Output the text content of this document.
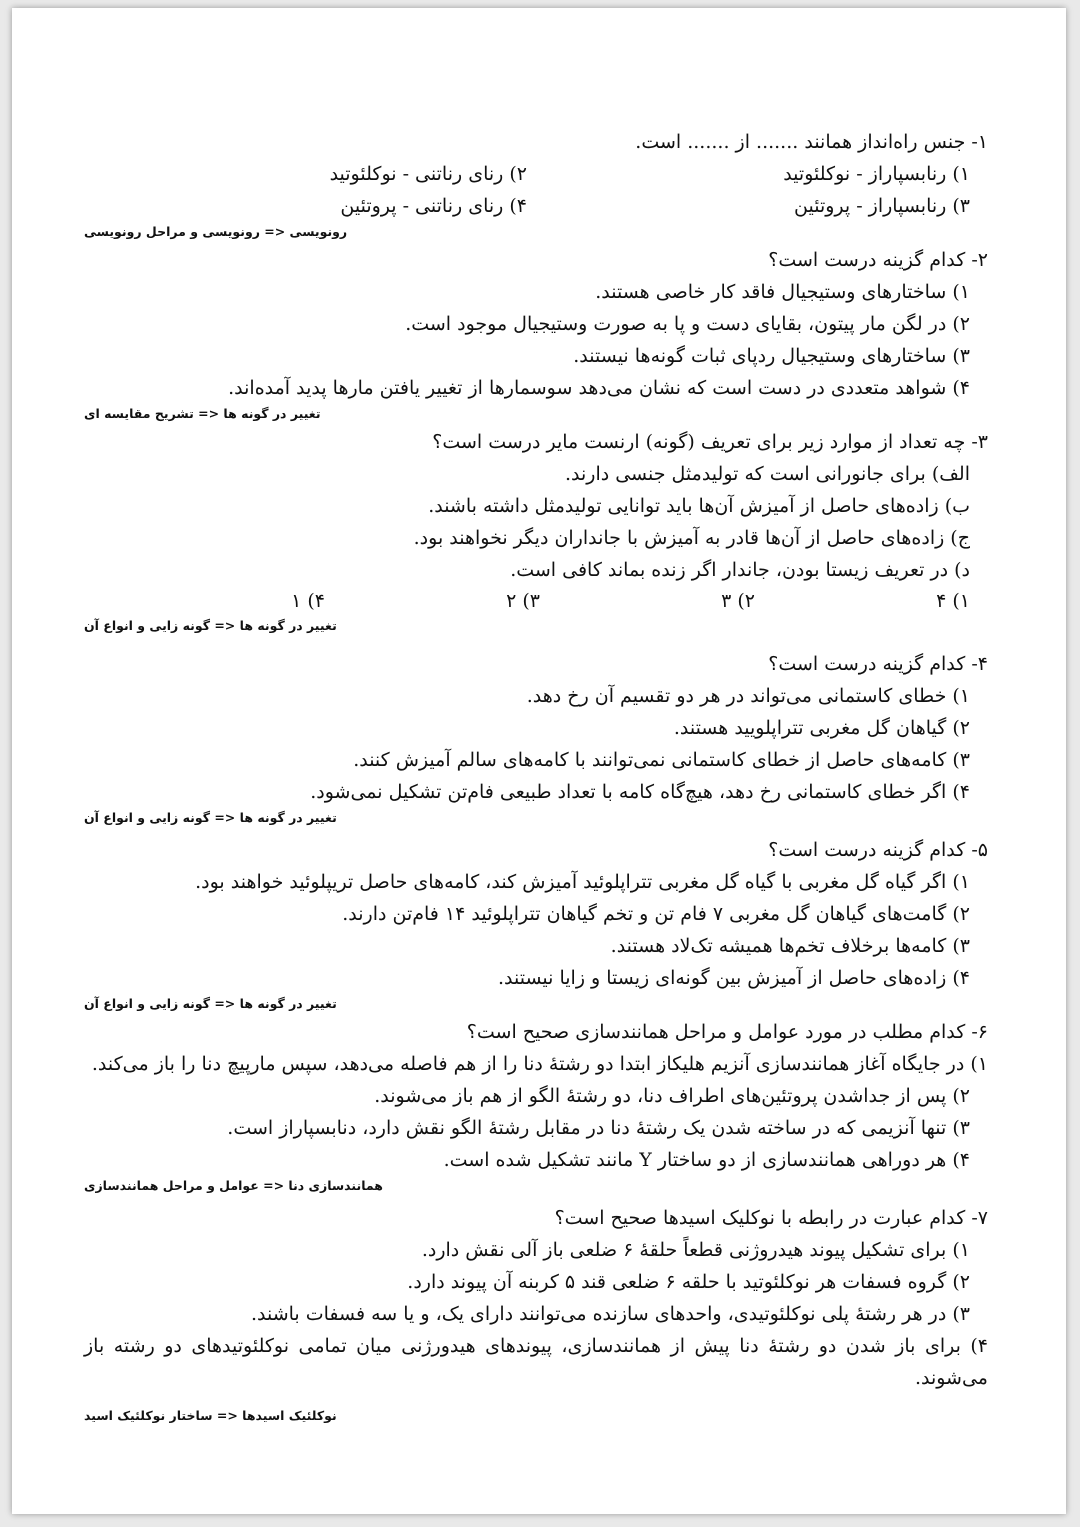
۱- جنس راه‌انداز همانند ....... از ....... است.

۱) رنابسپاراز - نوکلئوتید
۲) رنای رناتنی - نوکلئوتید
۳) رنابسپاراز - پروتئین
۴) رنای رناتنی - پروتئین
رونویسی <= رونویسی و مراحل رونویسی

۲- کدام گزینه درست است؟

۱) ساختارهای وستیجیال فاقد کار خاصی هستند.
۲) در لگن مار پیتون، بقایای دست و پا به صورت وستیجیال موجود است.
۳) ساختارهای وستیجیال ردپای ثبات گونه‌ها نیستند.
۴) شواهد متعددی در دست است که نشان می‌دهد سوسمارها از تغییر یافتن مارها پدید آمده‌اند.
تغییر در گونه ها <= تشریح مقایسه ای

۳- چه تعداد از موارد زیر برای تعریف (گونه) ارنست مایر درست است؟

الف) برای جانورانی است که تولیدمثل جنسی دارند.
ب) زاده‌های حاصل از آمیزش آن‌ها باید توانایی تولیدمثل داشته باشند.
ج) زاده‌های حاصل از آن‌ها قادر به آمیزش با جانداران دیگر نخواهند بود.
د) در تعریف زیستا بودن، جاندار اگر زنده بماند کافی است.
۱) ۴
۲) ۳
۳) ۲
۴) ۱
تغییر در گونه ها <= گونه زایی و انواع آن

۴- کدام گزینه درست است؟

۱) خطای کاستمانی می‌تواند در هر دو تقسیم آن رخ دهد.
۲) گیاهان گل مغربی تتراپلویید هستند.
۳) کامه‌های حاصل از خطای کاستمانی نمی‌توانند با کامه‌های سالم آمیزش کنند.
۴) اگر خطای کاستمانی رخ دهد، هیچ‌گاه کامه با تعداد طبیعی فام‌تن تشکیل نمی‌شود.
تغییر در گونه ها <= گونه زایی و انواع آن

۵- کدام گزینه درست است؟

۱) اگر گیاه گل مغربی با گیاه گل مغربی تتراپلوئید آمیزش کند، کامه‌های حاصل تریپلوئید خواهند بود.
۲) گامت‌های گیاهان گل مغربی ۷ فام تن و تخم گیاهان تتراپلوئید ۱۴ فام‌تن دارند.
۳) کامه‌ها برخلاف تخم‌ها همیشه تک‌لاد هستند.
۴) زاده‌های حاصل از آمیزش بین گونه‌ای زیستا و زایا نیستند.
تغییر در گونه ها <= گونه زایی و انواع آن

۶- کدام مطلب در مورد عوامل و مراحل همانندسازی صحیح است؟

۱) در جایگاه آغاز همانندسازی آنزیم هلیکاز ابتدا دو رشتهٔ دنا را از هم فاصله می‌دهد، سپس مارپیچ دنا را باز می‌کند.
۲) پس از جداشدن پروتئین‌های اطراف دنا، دو رشتهٔ الگو از هم باز می‌شوند.
۳) تنها آنزیمی که در ساخته شدن یک رشتهٔ دنا در مقابل رشتهٔ الگو نقش دارد، دنابسپاراز است.
۴) هر دوراهی همانندسازی از دو ساختار Y مانند تشکیل شده است.
همانندسازی دنا <= عوامل و مراحل همانندسازی

۷- کدام عبارت در رابطه با نوکلیک اسیدها صحیح است؟

۱) برای تشکیل پیوند هیدروژنی قطعاً حلقهٔ ۶ ضلعی باز آلی نقش دارد.
۲) گروه فسفات هر نوکلئوتید با حلقه ۶ ضلعی قند ۵ کربنه آن پیوند دارد.
۳) در هر رشتهٔ پلی نوکلئوتیدی، واحدهای سازنده می‌توانند دارای یک، و یا سه فسفات باشند.
۴) برای باز شدن دو رشتهٔ دنا پیش از همانندسازی، پیوندهای هیدورژنی میان تمامی نوکلئوتیدهای دو رشته باز می‌شوند.
نوکلئیک اسیدها <= ساختار نوکلئیک اسید
